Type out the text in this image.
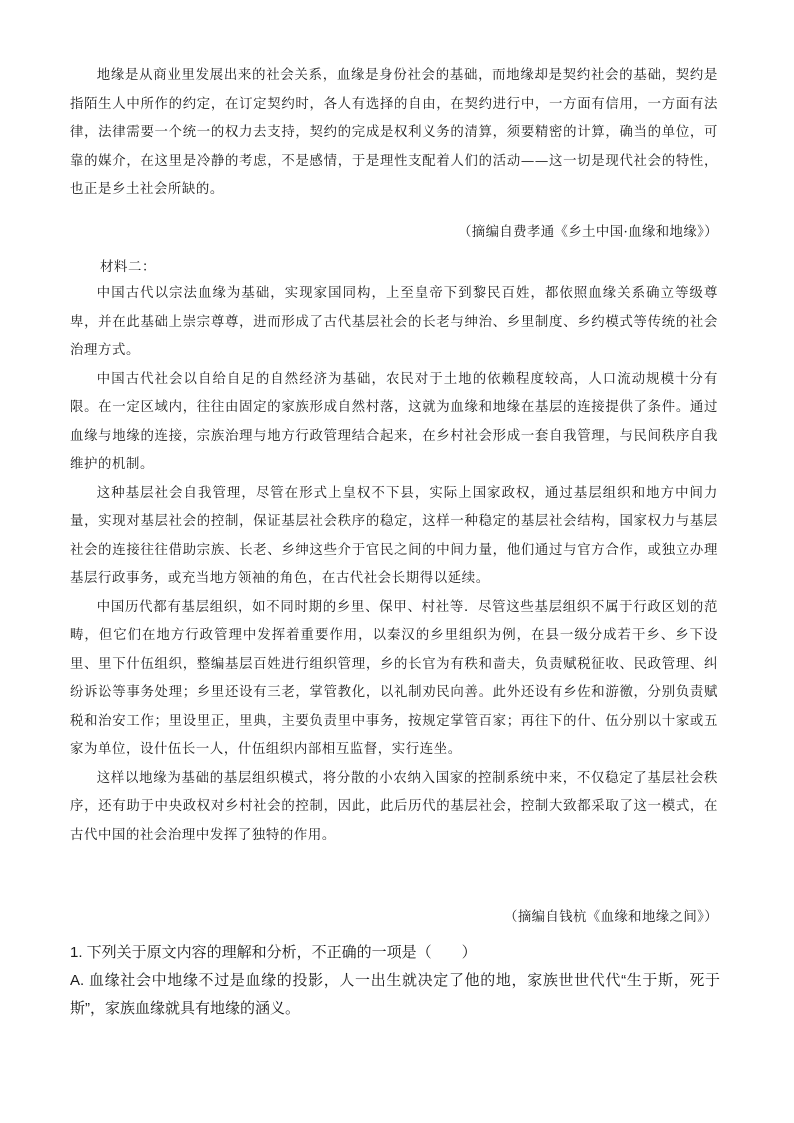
地缘是从商业里发展出来的社会关系，血缘是身份社会的基础，而地缘却是契约社会的基础，契约是指陌生人中所作的约定，在订定契约时，各人有选择的自由，在契约进行中，一方面有信用，一方面有法律，法律需要一个统一的权力去支持，契约的完成是权利义务的清算，须要精密的计算，确当的单位，可靠的媒介，在这里是冷静的考虑，不是感情，于是理性支配着人们的活动——这一切是现代社会的特性，也正是乡土社会所缺的。

（摘编自费孝通《乡土中国·血缘和地缘》）
材料二：

中国古代以宗法血缘为基础，实现家国同构，上至皇帝下到黎民百姓，都依照血缘关系确立等级尊卑，并在此基础上崇宗尊尊，进而形成了古代基层社会的长老与绅治、乡里制度、乡约模式等传统的社会治理方式。

中国古代社会以自给自足的自然经济为基础，农民对于土地的依赖程度较高，人口流动规模十分有限。在一定区域内，往往由固定的家族形成自然村落，这就为血缘和地缘在基层的连接提供了条件。通过血缘与地缘的连接，宗族治理与地方行政管理结合起来，在乡村社会形成一套自我管理，与民间秩序自我维护的机制。

这种基层社会自我管理，尽管在形式上皇权不下县，实际上国家政权，通过基层组织和地方中间力量，实现对基层社会的控制，保证基层社会秩序的稳定，这样一种稳定的基层社会结构，国家权力与基层社会的连接往往借助宗族、长老、乡绅这些介于官民之间的中间力量，他们通过与官方合作，或独立办理基层行政事务，或充当地方领袖的角色，在古代社会长期得以延续。

中国历代都有基层组织，如不同时期的乡里、保甲、村社等．尽管这些基层组织不属于行政区划的范畴，但它们在地方行政管理中发挥着重要作用，以秦汉的乡里组织为例，在县一级分成若干乡、乡下设里、里下什伍组织，整编基层百姓进行组织管理，乡的长官为有秩和啬夫，负责赋税征收、民政管理、纠纷诉讼等事务处理；乡里还设有三老，掌管教化，以礼制劝民向善。此外还设有乡佐和游徼，分别负责赋税和治安工作；里设里正，里典，主要负责里中事务，按规定掌管百家；再往下的什、伍分别以十家或五家为单位，设什伍长一人，什伍组织内部相互监督，实行连坐。

这样以地缘为基础的基层组织模式，将分散的小农纳入国家的控制系统中来，不仅稳定了基层社会秩序，还有助于中央政权对乡村社会的控制，因此，此后历代的基层社会，控制大致都采取了这一模式，在古代中国的社会治理中发挥了独特的作用。

（摘编自钱杭《血缘和地缘之间》）
1. 下列关于原文内容的理解和分析，不正确的一项是（　　）
A. 血缘社会中地缘不过是血缘的投影，人一出生就决定了他的地，家族世世代代“生于斯，死于斯”，家族血缘就具有地缘的涵义。
